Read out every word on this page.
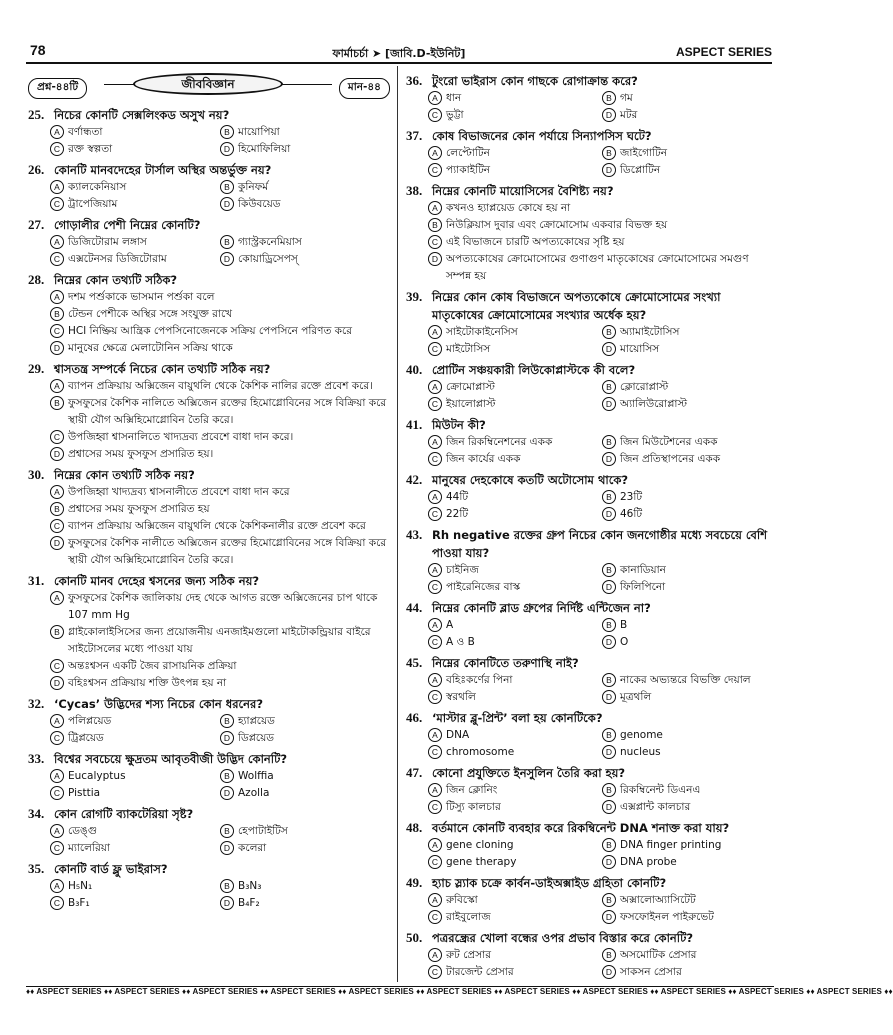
78	ফার্মাচর্চা ➤ [জাবি.D-ইউনিট]	ASPECT SERIES
প্রশ্ন-৪৪টি	জীববিজ্ঞান	মান-৪৪
25. নিচের কোনটি সেক্সলিংকড অসুখ নয়?
A বর্ণান্ধতা	B মায়োপিয়া
C রক্ত স্বল্পতা	D হিমোফিলিয়া
26. কোনটি মানবদেহের টার্সাল অস্থির অন্তর্ভুক্ত নয়?
A ক্যালকেনিয়াস	B কুনিফর্ম
C ট্রাপেজিয়াম	D কিউবয়েড
27. গোড়ালীর পেশী নিম্নের কোনটি?
A ডিজিটোরাম লঙ্গাস	B গ্যাস্ট্রকনেমিয়াস
C এক্সটেনসর ডিজিটোরাম	D কোয়াড্রিসেপস্
28. নিম্নের কোন তথ্যটি সঠিক?
A দশম পর্শুকাকে ভাসমান পর্শুকা বলে
B টেন্ডন পেশীকে অস্থির সঙ্গে সংযুক্ত রাখে
C HCl নিষ্ক্রিয় আন্ত্রিক পেপসিনোজেনকে সক্রিয় পেপসিনে পরিণত করে
D মানুষের ক্ষেত্রে মেলাটোনিন সক্রিয় থাকে
29. শ্বাসতন্ত্র সম্পর্কে নিচের কোন তথ্যটি সঠিক নয়?
A ব্যাপন প্রক্রিয়ায় অক্সিজেন বায়ুথলি থেকে কৈশিক নালির রক্তে প্রবেশ করে।
B ফুসফুসের কৈশিক নালিতে অক্সিজেন রক্তের হিমোগ্লোবিনের সঙ্গে বিক্রিয়া করে স্থায়ী যৌগ অক্সিহিমোগ্লোবিন তৈরি করে।
C উপজিহ্বা শ্বাসনালিতে খাদ্যদ্রব্য প্রবেশে বাধা দান করে।
D প্রশ্বাসের সময় ফুসফুস প্রসারিত হয়।
30. নিম্নের কোন তথ্যটি সঠিক নয়?
A উপজিহ্বা খাদ্যদ্রব্য শ্বাসনালীতে প্রবেশে বাধা দান করে
B প্রশ্বাসের সময় ফুসফুস প্রসারিত হয়
C ব্যাপন প্রক্রিয়ায় অক্সিজেন বায়ুথলি থেকে কৈশিকনালীর রক্তে প্রবেশ করে
D ফুসফুসের কৈশিক নালীতে অক্সিজেন রক্তের হিমোগ্লোবিনের সঙ্গে বিক্রিয়া করে স্থায়ী যৌগ অক্সিহিমোগ্লোবিন তৈরি করে।
31. কোনটি মানব দেহের শ্বসনের জন্য সঠিক নয়?
A ফুসফুসের কৈশিক জালিকায় দেহ থেকে আগত রক্তে অক্সিজেনের চাপ থাকে 107 mm Hg
B গ্লাইকোলাইসিসের জন্য প্রয়োজনীয় এনজাইমগুলো মাইটোকন্ড্রিয়ার বাইরে সাইটোসলের মধ্যে পাওয়া যায়
C অন্তঃশ্বসন একটি জৈব রাসায়নিক প্রক্রিয়া
D বহিঃশ্বসন প্রক্রিয়ায় শক্তি উৎপন্ন হয় না
32. ‘Cycas’ উদ্ভিদের শস্য নিচের কোন ধরনের?
A পলিপ্লয়েড	B হ্যাপ্লয়েড
C ট্রিপ্লয়েড	D ডিপ্লয়েড
33. বিশ্বের সবচেয়ে ক্ষুদ্রতম আবৃতবীজী উদ্ভিদ কোনটি?
A Eucalyptus	B Wolffia
C Pisttia	D Azolla
34. কোন রোগটি ব্যাকটেরিয়া সৃষ্ট?
A ডেঙ্গু	B হেপাটাইটিস
C ম্যালেরিয়া	D কলেরা
35. কোনটি বার্ড ফ্লু ভাইরাস?
A H₅N₁	B B₃N₃
C B₃F₁	D B₄F₂
36. টুংরো ভাইরাস কোন গাছকে রোগাক্রান্ত করে?
A ধান	B গম
C ভুট্টা	D মটর
37. কোষ বিভাজনের কোন পর্যায়ে সিন্যাপসিস ঘটে?
A লেপ্টোটিন	B জাইগোটিন
C প্যাকাইটিন	D ডিপ্লোটিন
38. নিম্নের কোনটি মায়োসিসের বৈশিষ্ট্য নয়?
A কখনও হ্যাপ্লয়েড কোষে হয় না
B নিউক্লিয়াস দুবার এবং ক্রোমোসোম একবার বিভক্ত হয়
C এই বিভাজনে চারটি অপত্যকোষের সৃষ্টি হয়
D অপত্যকোষের ক্রোমোসোমের গুণাগুণ মাতৃকোষের ক্রোমোসোমের সমগুণ সম্পন্ন হয়
39. নিম্নের কোন কোষ বিভাজনে অপত্যকোষে ক্রোমোসোমের সংখ্যা মাতৃকোষের ক্রোমোসোমের সংখ্যার অর্ধেক হয়?
A সাইটোকাইনেসিস	B অ্যামাইটোসিস
C মাইটোসিস	D মায়োসিস
40. প্রোটিন সঞ্চয়কারী লিউকোপ্লাস্টকে কী বলে?
A ক্রোমোপ্লাস্ট	B ক্লোরোপ্লাস্ট
C ইয়ালোপ্লাস্ট	D অ্যালিউরোপ্লাস্ট
41. মিউটন কী?
A জিন রিকম্বিনেশনের একক	B জিন মিউটেশনের একক
C জিন কার্যের একক	D জিন প্রতিস্থাপনের একক
42. মানুষের দেহকোষে কতটি অটোসোম থাকে?
A 44টি	B 23টি
C 22টি	D 46টি
43. Rh negative রক্তের গ্রুপ নিচের কোন জনগোষ্ঠীর মধ্যে সবচেয়ে বেশি পাওয়া যায়?
A চাইনিজ	B কানাডিয়ান
C পাইরেনিজের বাস্ক	D ফিলিপিনো
44. নিম্নের কোনটি ব্লাড গ্রুপের নির্দিষ্ট এন্টিজেন না?
A A	B B
C A ও B	D O
45. নিম্নের কোনটিতে তরুণাস্থি নাই?
A বহিঃকর্ণের পিনা	B নাকের অভ্যন্তরে বিভক্তি দেয়াল
C স্বরথলি	D মূত্রথলি
46. ‘মাস্টার ব্লু-প্রিন্ট’ বলা হয় কোনটিকে?
A DNA	B genome
C chromosome	D nucleus
47. কোনো প্রযুক্তিতে ইনসুলিন তৈরি করা হয়?
A জিন ক্লোনিং	B রিকম্বিনেন্ট ডিএনএ
C টিস্যু কালচার	D এক্সপ্লান্ট কালচার
48. বর্তমানে কোনটি ব্যবহার করে রিকম্বিনেন্ট DNA শনাক্ত করা যায়?
A gene cloning	B DNA finger printing
C gene therapy	D DNA probe
49. হ্যাচ স্ল্যাক চক্রে কার্বন-ডাইঅক্সাইড গ্রহিতা কোনটি?
A রুবিস্কো	B অক্সালোঅ্যাসিটেট
C রাইবুলোজ	D ফসফোইনল পাইরুভেট
50. পত্ররন্ধ্রের খোলা বন্ধের ওপর প্রভাব বিস্তার করে কোনটি?
A রুট প্রেসার	B অসমোটিক প্রেসার
C টারজেন্ট প্রেসার	D সাকসন প্রেসার
♦♦ ASPECT SERIES ♦♦ ASPECT SERIES ♦♦ ASPECT SERIES ♦♦ ASPECT SERIES ♦♦ ASPECT SERIES ♦♦ ASPECT SERIES ♦♦ ASPECT SERIES ♦♦ ASPECT SERIES ♦♦ ASPECT SERIES ♦♦ ASPECT SERIES ♦♦ ASPECT SERIES ♦♦
